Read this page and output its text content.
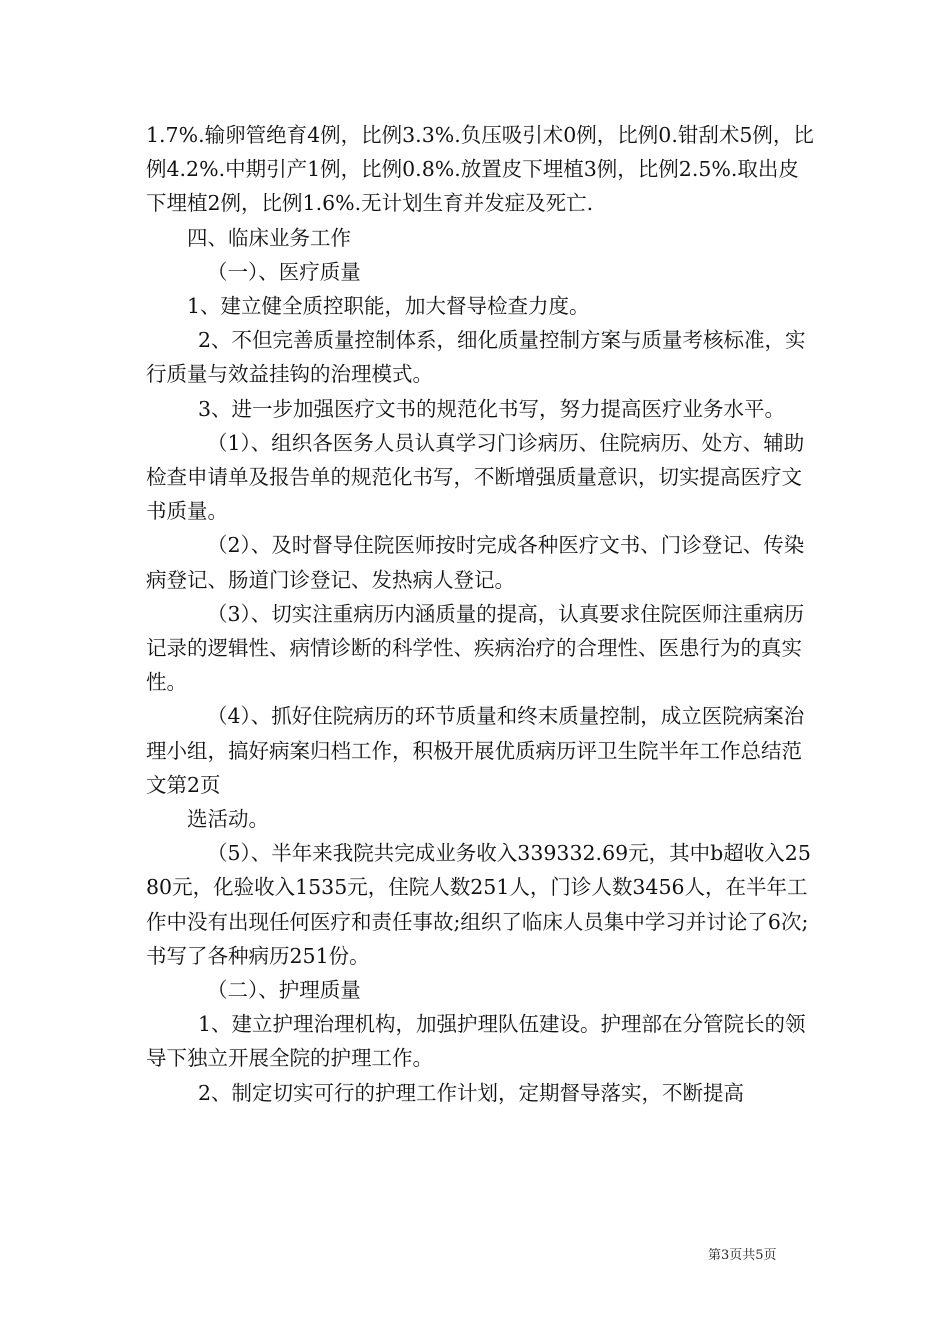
1.7%.输卵管绝育4例，比例3.3%.负压吸引术0例，比例0.钳刮术5例，比例4.2%.中期引产1例，比例0.8%.放置皮下埋植3例，比例2.5%.取出皮下埋植2例，比例1.6%.无计划生育并发症及死亡.

四、临床业务工作

（一）、医疗质量

1、建立健全质控职能，加大督导检查力度。

2、不但完善质量控制体系，细化质量控制方案与质量考核标准，实行质量与效益挂钩的治理模式。

3、进一步加强医疗文书的规范化书写，努力提高医疗业务水平。

（1）、组织各医务人员认真学习门诊病历、住院病历、处方、辅助检查申请单及报告单的规范化书写，不断增强质量意识，切实提高医疗文书质量。

（2）、及时督导住院医师按时完成各种医疗文书、门诊登记、传染病登记、肠道门诊登记、发热病人登记。

（3）、切实注重病历内涵质量的提高，认真要求住院医师注重病历记录的逻辑性、病情诊断的科学性、疾病治疗的合理性、医患行为的真实性。

（4）、抓好住院病历的环节质量和终末质量控制，成立医院病案治理小组，搞好病案归档工作，积极开展优质病历评卫生院半年工作总结范文第2页

选活动。

（5）、半年来我院共完成业务收入339332.69元，其中b超收入2580元，化验收入1535元，住院人数251人，门诊人数3456人，在半年工作中没有出现任何医疗和责任事故;组织了临床人员集中学习并讨论了6次;书写了各种病历251份。

（二）、护理质量

1、建立护理治理机构，加强护理队伍建设。护理部在分管院长的领导下独立开展全院的护理工作。

2、制定切实可行的护理工作计划，定期督导落实，不断提高

第3页共5页
